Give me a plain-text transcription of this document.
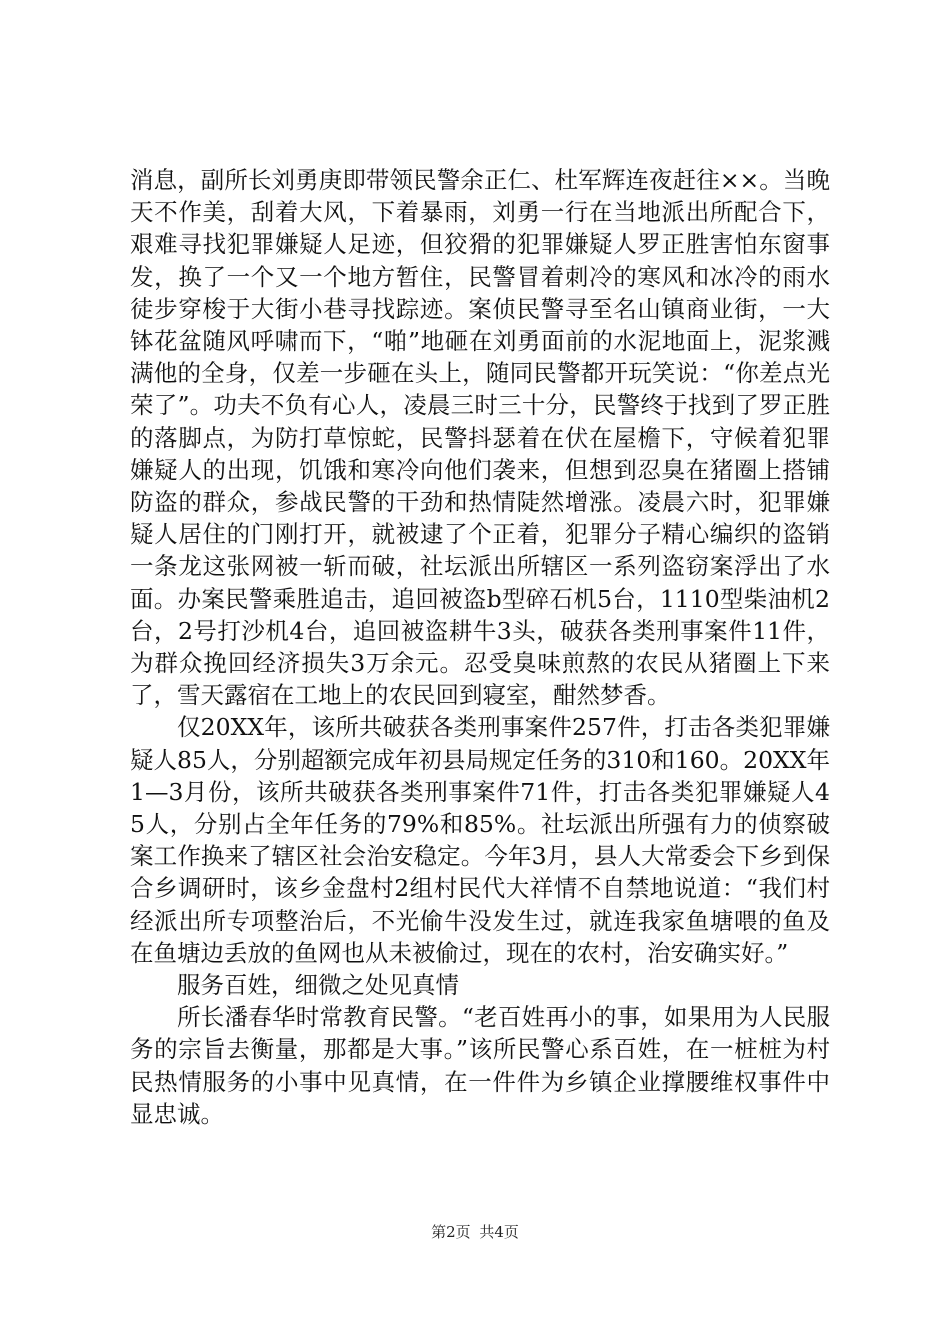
消息，副所长刘勇庚即带领民警余正仁、杜军辉连夜赶往××。当晚天不作美，刮着大风，下着暴雨，刘勇一行在当地派出所配合下，艰难寻找犯罪嫌疑人足迹，但狡猾的犯罪嫌疑人罗正胜害怕东窗事发，换了一个又一个地方暂住，民警冒着刺冷的寒风和冰冷的雨水徒步穿梭于大街小巷寻找踪迹。案侦民警寻至名山镇商业街，一大钵花盆随风呼啸而下，“啪”地砸在刘勇面前的水泥地面上，泥浆溅满他的全身，仅差一步砸在头上，随同民警都开玩笑说：“你差点光荣了”。功夫不负有心人，凌晨三时三十分，民警终于找到了罗正胜的落脚点，为防打草惊蛇，民警抖瑟着在伏在屋檐下，守候着犯罪嫌疑人的出现，饥饿和寒冷向他们袭来，但想到忍臭在猪圈上搭铺防盗的群众，参战民警的干劲和热情陡然增涨。凌晨六时，犯罪嫌疑人居住的门刚打开，就被逮了个正着，犯罪分子精心编织的盗销一条龙这张网被一斩而破，社坛派出所辖区一系列盗窃案浮出了水面。办案民警乘胜追击，追回被盗b型碎石机5台，1110型柴油机2台，2号打沙机4台，追回被盗耕牛3头，破获各类刑事案件11件，为群众挽回经济损失3万余元。忍受臭味煎熬的农民从猪圈上下来了，雪天露宿在工地上的农民回到寝室，酣然梦香。

仅20XX年，该所共破获各类刑事案件257件，打击各类犯罪嫌疑人85人，分别超额完成年初县局规定任务的310和160。20XX年1—3月份，该所共破获各类刑事案件71件，打击各类犯罪嫌疑人45人，分别占全年任务的79%和85%。社坛派出所强有力的侦察破案工作换来了辖区社会治安稳定。今年3月，县人大常委会下乡到保合乡调研时，该乡金盘村2组村民代大祥情不自禁地说道：“我们村经派出所专项整治后，不光偷牛没发生过，就连我家鱼塘喂的鱼及在鱼塘边丢放的鱼网也从未被偷过，现在的农村，治安确实好。”

服务百姓，细微之处见真情

所长潘春华时常教育民警。“老百姓再小的事，如果用为人民服务的宗旨去衡量，那都是大事。”该所民警心系百姓，在一桩桩为村民热情服务的小事中见真情，在一件件为乡镇企业撑腰维权事件中显忠诚。

第2页 共4页
